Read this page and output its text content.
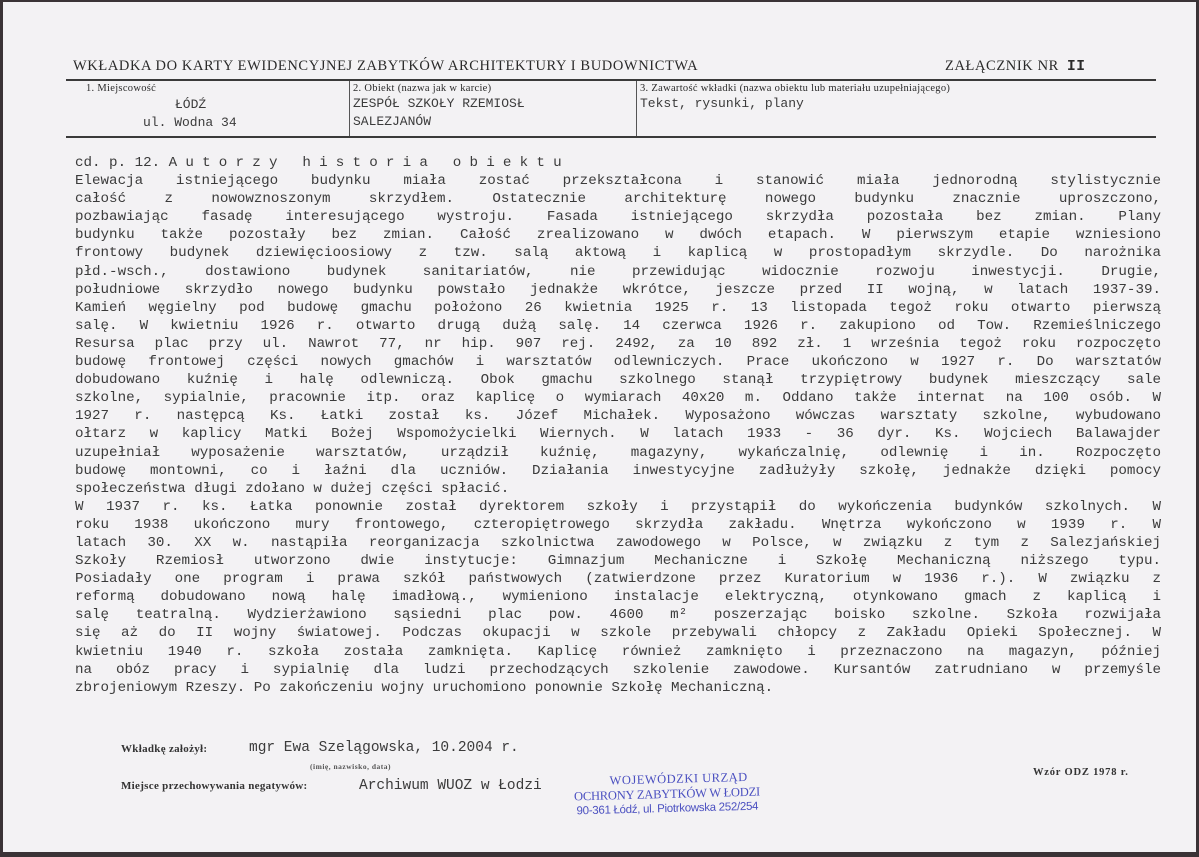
WKŁADKA DO KARTY EWIDENCYJNEJ ZABYTKÓW ARCHITEKTURY I BUDOWNICTWA	ZAŁĄCZNIK NR II
1. Miejscowość
ŁÓDŹ
ul. Wodna 34
2. Obiekt (nazwa jak w karcie)
ZESPÓŁ SZKOŁY RZEMIOSŁ
SALEZJANÓW
3. Zawartość wkładki (nazwa obiektu lub materiału uzupełniającego)
Tekst, rysunki, plany
cd. p. 12. Autorzy historia obiektu
Elewacja istniejącego budynku miała zostać przekształcona i stanowić miała jednorodną stylistycznie
całość z nowowznoszonym skrzydłem. Ostatecznie architekturę nowego budynku znacznie uproszczono,
pozbawiając fasadę interesującego wystroju. Fasada istniejącego skrzydła pozostała bez zmian. Plany
budynku także pozostały bez zmian. Całość zrealizowano w dwóch etapach. W pierwszym etapie wzniesiono
frontowy budynek dziewięcioosiowy z tzw. salą aktową i kaplicą w prostopadłym skrzydle. Do narożnika
płd.-wsch., dostawiono budynek sanitariatów, nie przewidując widocznie rozwoju inwestycji. Drugie,
południowe skrzydło nowego budynku powstało jednakże wkrótce, jeszcze przed II wojną, w latach 1937-39.
Kamień węgielny pod budowę gmachu położono 26 kwietnia 1925 r. 13 listopada tegoż roku otwarto pierwszą
salę. W kwietniu 1926 r. otwarto drugą dużą salę. 14 czerwca 1926 r. zakupiono od Tow. Rzemieślniczego
Resursa plac przy ul. Nawrot 77, nr hip. 907 rej. 2492, za 10 892 zł. 1 września tegoż roku rozpoczęto
budowę frontowej części nowych gmachów i warsztatów odlewniczych. Prace ukończono w 1927 r. Do warsztatów
dobudowano kuźnię i halę odlewniczą. Obok gmachu szkolnego stanął trzypiętrowy budynek mieszczący sale
szkolne, sypialnie, pracownie itp. oraz kaplicę o wymiarach 40x20 m. Oddano także internat na 100 osób. W
1927 r. następcą Ks. Łatki został ks. Józef Michałek. Wyposażono wówczas warsztaty szkolne, wybudowano
ołtarz w kaplicy Matki Bożej Wspomożycielki Wiernych. W latach 1933 - 36 dyr. Ks. Wojciech Balawajder
uzupełniał wyposażenie warsztatów, urządził kuźnię, magazyny, wykańczalnię, odlewnię i in. Rozpoczęto
budowę montowni, co i łaźni dla uczniów. Działania inwestycyjne zadłużyły szkołę, jednakże dzięki pomocy
społeczeństwa długi zdołano w dużej części spłacić.
W 1937 r. ks. Łatka ponownie został dyrektorem szkoły i przystąpił do wykończenia budynków szkolnych. W
roku 1938 ukończono mury frontowego, czteropiętrowego skrzydła zakładu. Wnętrza wykończono w 1939 r. W
latach 30. XX w. nastąpiła reorganizacja szkolnictwa zawodowego w Polsce, w związku z tym z Salezjańskiej
Szkoły Rzemiosł utworzono dwie instytucje: Gimnazjum Mechaniczne i Szkołę Mechaniczną niższego typu.
Posiadały one program i prawa szkół państwowych (zatwierdzone przez Kuratorium w 1936 r.). W związku z
reformą dobudowano nową halę imadłową., wymieniono instalacje elektryczną, otynkowano gmach z kaplicą i
salę teatralną. Wydzierżawiono sąsiedni plac pow. 4600 m² poszerzając boisko szkolne. Szkoła rozwijała
się aż do II wojny światowej. Podczas okupacji w szkole przebywali chłopcy z Zakładu Opieki Społecznej. W
kwietniu 1940 r. szkoła została zamknięta. Kaplicę również zamknięto i przeznaczono na magazyn, później
na obóz pracy i sypialnię dla ludzi przechodzących szkolenie zawodowe. Kursantów zatrudniano w przemyśle
zbrojeniowym Rzeszy. Po zakończeniu wojny uruchomiono ponownie Szkołę Mechaniczną.
Wkładkę założył:	mgr Ewa Szelągowska, 10.2004 r.
(imię, nazwisko, data)
Miejsce przechowywania negatywów:	Archiwum WUOZ w Łodzi	WOJEWÓDZKI URZĄD
OCHRONY ZABYTKÓW W ŁODZI
90-361 Łódź, ul. Piotrkowska 252/254
Wzór ODZ 1978 r.
